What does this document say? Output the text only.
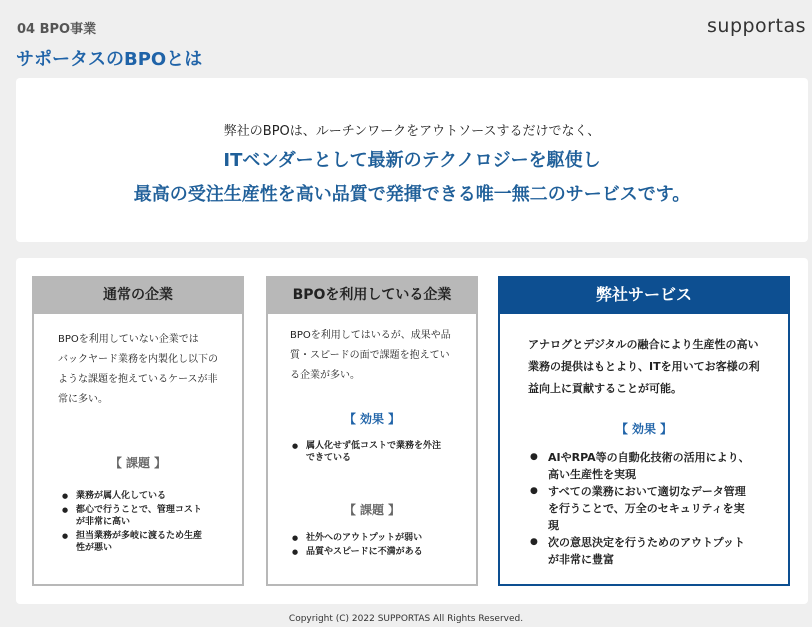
04 BPO事業	supportas
サポータスのBPOとは
弊社のBPOは、ルーチンワークをアウトソースするだけでなく、
ITベンダーとして最新のテクノロジーを駆使し
最高の受注生産性を高い品質で発揮できる唯一無二のサービスです。
通常の企業
BPOを利用していない企業では
バックヤード業務を内製化し以下の
ような課題を抱えているケースが非
常に多い。
【 課題 】
● 業務が属人化している
● 都心で行うことで、管理コストが非常に高い
● 担当業務が多岐に渡るため生産性が悪い
BPOを利用している企業
BPOを利用してはいるが、成果や品
質・スピードの面で課題を抱えてい
る企業が多い。
【 効果 】
● 属人化せず低コストで業務を外注できている
【 課題 】
● 社外へのアウトプットが弱い
● 品質やスピードに不満がある
弊社サービス
アナログとデジタルの融合により生産性の高い
業務の提供はもとより、ITを用いてお客様の利
益向上に貢献することが可能。
【 効果 】
● AIやRPA等の自動化技術の活用により、高い生産性を実現
● すべての業務において適切なデータ管理を行うことで、万全のセキュリティを実現
● 次の意思決定を行うためのアウトプットが非常に豊富
Copyright (C) 2022 SUPPORTAS All Rights Reserved.
